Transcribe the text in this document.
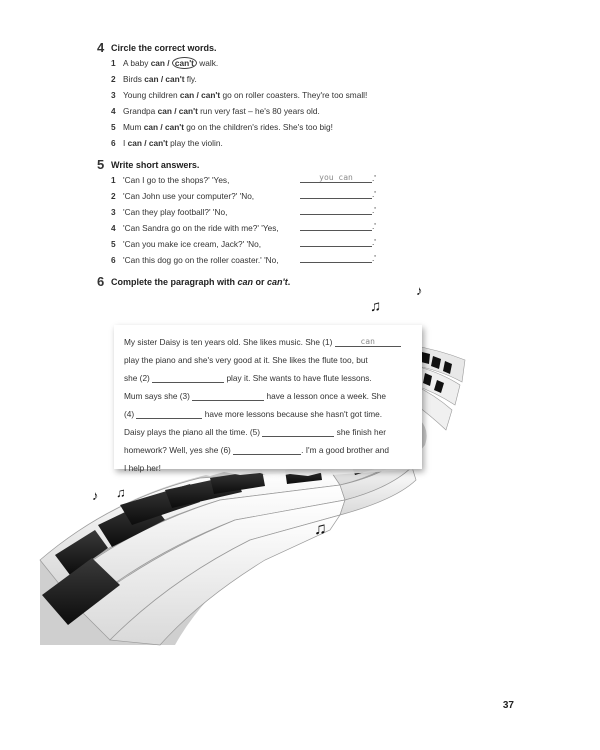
4 Circle the correct words.
1 A baby can / can't walk.
2 Birds can / can't fly.
3 Young children can / can't go on roller coasters. They're too small!
4 Grandpa can / can't run very fast – he's 80 years old.
5 Mum can / can't go on the children's rides. She's too big!
6 I can / can't play the violin.
5 Write short answers.
1 'Can I go to the shops?' 'Yes,	you can .'
2 'Can John use your computer?' 'No,	.'
3 'Can they play football?' 'No,	.'
4 'Can Sandra go on the ride with me?' 'Yes,	.'
5 'Can you make ice cream, Jack?' 'No,	.'
6 'Can this dog go on the roller coaster.' 'No,	.'
6 Complete the paragraph with can or can't.
♫
♪
♪ ♫
♫
My sister Daisy is ten years old. She likes music. She (1)	can
play the piano and she's very good at it. She likes the flute too, but
she (2)	play it. She wants to have flute lessons.
Mum says she (3)	have a lesson once a week. She
(4)	have more lessons because she hasn't got time.
Daisy plays the piano all the time. (5)	she finish her
homework? Well, yes she (6)	. I'm a good brother and
I help her!
37
